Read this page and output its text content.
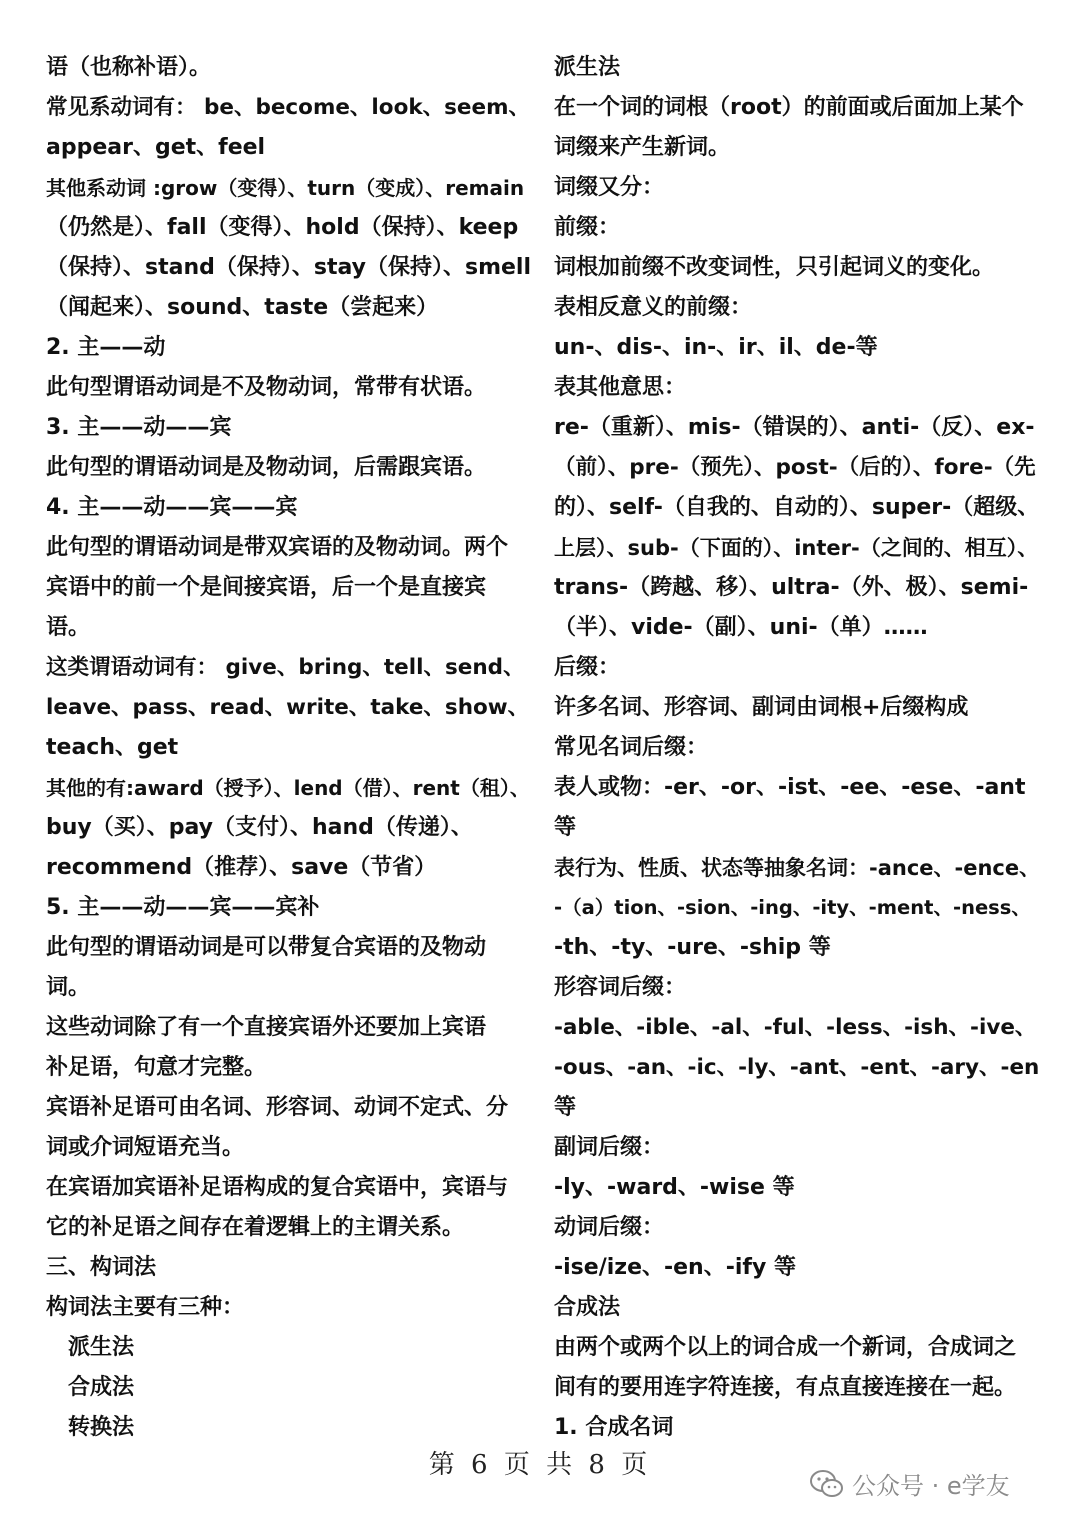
语（也称补语）。
常见系动词有： be、become、look、seem、
appear、get、feel
其他系动词 :grow（变得）、turn（变成）、remain
（仍然是）、fall（变得）、hold（保持）、keep
（保持）、stand（保持）、stay（保持）、smell
（闻起来）、sound、taste（尝起来）
2. 主——动
此句型谓语动词是不及物动词，常带有状语。
3. 主——动——宾
此句型的谓语动词是及物动词，后需跟宾语。
4. 主——动——宾——宾
此句型的谓语动词是带双宾语的及物动词。两个
宾语中的前一个是间接宾语，后一个是直接宾
语。
这类谓语动词有： give、bring、tell、send、
leave、pass、read、write、take、show、
teach、get
其他的有:award（授予）、lend（借）、rent（租）、
buy（买）、pay（支付）、hand（传递）、
recommend（推荐）、save（节省）
5. 主——动——宾——宾补
此句型的谓语动词是可以带复合宾语的及物动
词。
这些动词除了有一个直接宾语外还要加上宾语
补足语，句意才完整。
宾语补足语可由名词、形容词、动词不定式、分
词或介词短语充当。
在宾语加宾语补足语构成的复合宾语中，宾语与
它的补足语之间存在着逻辑上的主谓关系。
三、构词法
构词法主要有三种：
派生法
合成法
转换法
派生法
在一个词的词根（root）的前面或后面加上某个
词缀来产生新词。
词缀又分：
前缀：
词根加前缀不改变词性，只引起词义的变化。
表相反意义的前缀：
un-、dis-、in-、ir、il、de-等
表其他意思：
re-（重新）、mis-（错误的）、anti-（反）、ex-
（前）、pre-（预先）、post-（后的）、fore-（先
的）、self-（自我的、自动的）、super-（超级、
上层）、sub-（下面的）、inter-（之间的、相互）、
trans-（跨越、移）、ultra-（外、极）、semi-
（半）、vide-（副）、uni-（单）……
后缀：
许多名词、形容词、副词由词根+后缀构成
常见名词后缀：
表人或物：-er、-or、-ist、-ee、-ese、-ant
等
表行为、性质、状态等抽象名词：-ance、-ence、
-（a）tion、-sion、-ing、-ity、-ment、-ness、
-th、-ty、-ure、-ship 等
形容词后缀：
-able、-ible、-al、-ful、-less、-ish、-ive、
-ous、-an、-ic、-ly、-ant、-ent、-ary、-en
等
副词后缀：
-ly、-ward、-wise 等
动词后缀：
-ise/ize、-en、-ify 等
合成法
由两个或两个以上的词合成一个新词，合成词之
间有的要用连字符连接，有点直接连接在一起。
1. 合成名词
第 6 页 共 8 页
公众号 · e学友
